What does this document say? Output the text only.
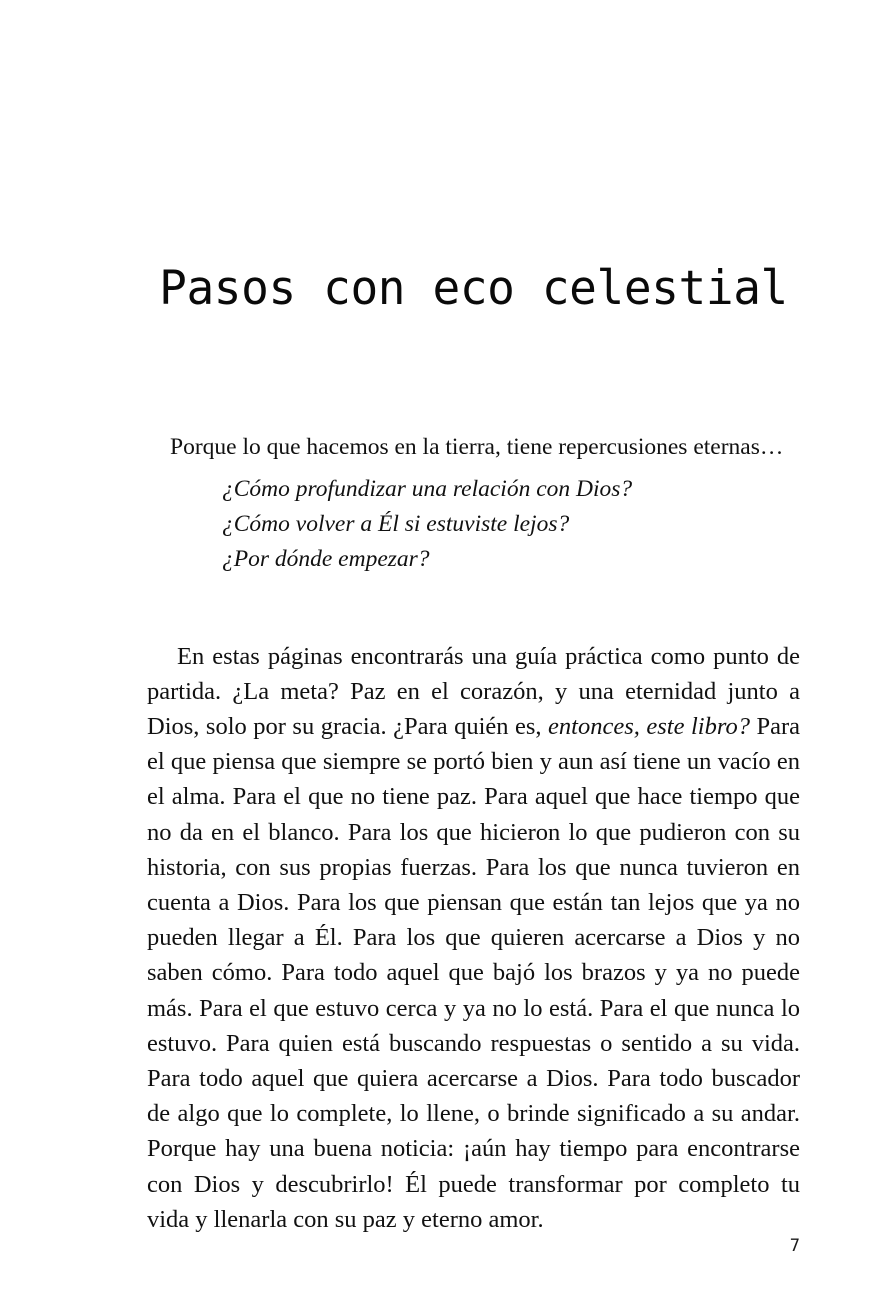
Pasos con eco celestial

Porque lo que hacemos en la tierra, tiene repercusiones eternas…

¿Cómo profundizar una relación con Dios?
¿Cómo volver a Él si estuviste lejos?
¿Por dónde empezar?

En estas páginas encontrarás una guía práctica como punto de partida. ¿La meta? Paz en el corazón, y una eternidad junto a Dios, solo por su gracia. ¿Para quién es, entonces, este libro? Para el que piensa que siempre se portó bien y aun así tiene un vacío en el alma. Para el que no tiene paz. Para aquel que hace tiempo que no da en el blanco. Para los que hicieron lo que pudieron con su historia, con sus propias fuerzas. Para los que nunca tuvieron en cuenta a Dios. Para los que piensan que están tan lejos que ya no pueden llegar a Él. Para los que quieren acercarse a Dios y no saben cómo. Para todo aquel que bajó los brazos y ya no puede más. Para el que estuvo cerca y ya no lo está. Para el que nunca lo estuvo. Para quien está buscando respuestas o sentido a su vida. Para todo aquel que quiera acercarse a Dios. Para todo buscador de algo que lo complete, lo llene, o brinde significado a su andar. Porque hay una buena noticia: ¡aún hay tiempo para encontrarse con Dios y descubrirlo! Él puede transformar por completo tu vida y llenarla con su paz y eterno amor.

7
